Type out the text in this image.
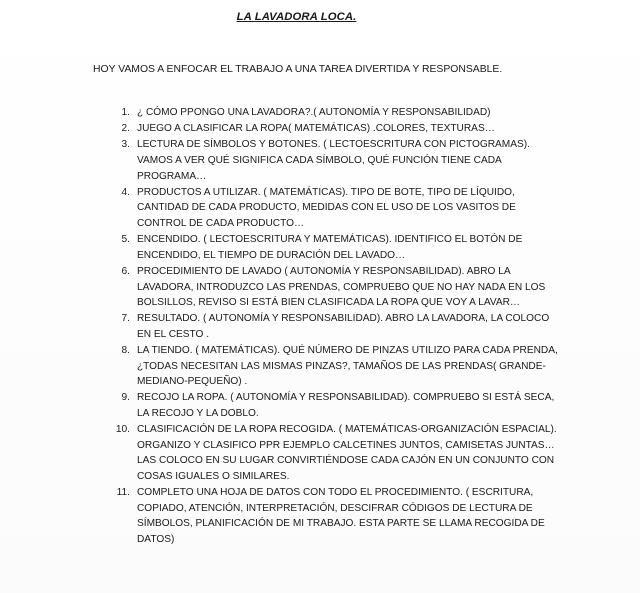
LA LAVADORA LOCA.
HOY VAMOS A ENFOCAR EL TRABAJO A UNA TAREA DIVERTIDA Y RESPONSABLE.
1. ¿ CÓMO PPONGO UNA LAVADORA?.( AUTONOMÍA Y RESPONSABILIDAD)
2. JUEGO A CLASIFICAR LA ROPA( MATEMÁTICAS) .COLORES, TEXTURAS…
3. LECTURA DE SÍMBOLOS Y BOTONES. ( LECTOESCRITURA CON PICTOGRAMAS). VAMOS A VER QUÉ SIGNIFICA CADA SÍMBOLO, QUÉ FUNCIÓN TIENE CADA PROGRAMA…
4. PRODUCTOS A UTILIZAR. ( MATEMÁTICAS). TIPO DE BOTE, TIPO DE LÍQUIDO, CANTIDAD DE CADA PRODUCTO, MEDIDAS CON EL USO DE LOS VASITOS DE CONTROL DE CADA PRODUCTO…
5. ENCENDIDO. ( LECTOESCRITURA Y MATEMÁTICAS). IDENTIFICO EL BOTÓN DE ENCENDIDO, EL TIEMPO DE DURACIÓN DEL LAVADO…
6. PROCEDIMIENTO DE LAVADO ( AUTONOMÍA Y RESPONSABILIDAD). ABRO LA LAVADORA, INTRODUZCO LAS PRENDAS, COMPRUEBO QUE NO HAY NADA EN LOS BOLSILLOS, REVISO SI ESTÁ BIEN CLASIFICADA LA ROPA QUE VOY A LAVAR…
7. RESULTADO. ( AUTONOMÍA Y RESPONSABILIDAD). ABRO LA LAVADORA, LA COLOCO EN EL CESTO .
8. LA TIENDO. ( MATEMÁTICAS). QUÉ NÚMERO DE PINZAS UTILIZO PARA CADA PRENDA, ¿TODAS NECESITAN LAS MISMAS PINZAS?, TAMAÑOS DE LAS PRENDAS( GRANDE-MEDIANO-PEQUEÑO) .
9. RECOJO LA ROPA. ( AUTONOMÍA Y RESPONSABILIDAD). COMPRUEBO SI ESTÁ SECA, LA RECOJO Y LA DOBLO.
10. CLASIFICACIÓN DE LA ROPA RECOGIDA. ( MATEMÁTICAS-ORGANIZACIÓN ESPACIAL). ORGANIZO Y CLASIFICO PPR EJEMPLO CALCETINES JUNTOS, CAMISETAS JUNTAS…LAS COLOCO EN SU LUGAR CONVIRTIÉNDOSE CADA CAJÓN EN UN CONJUNTO CON COSAS IGUALES O SIMILARES.
11. COMPLETO UNA HOJA DE DATOS CON TODO EL PROCEDIMIENTO. ( ESCRITURA, COPIADO, ATENCIÓN, INTERPRETACIÓN, DESCIFRAR CÓDIGOS DE LECTURA DE SÍMBOLOS, PLANIFICACIÓN DE MI TRABAJO. ESTA PARTE SE LLAMA RECOGIDA DE DATOS)
